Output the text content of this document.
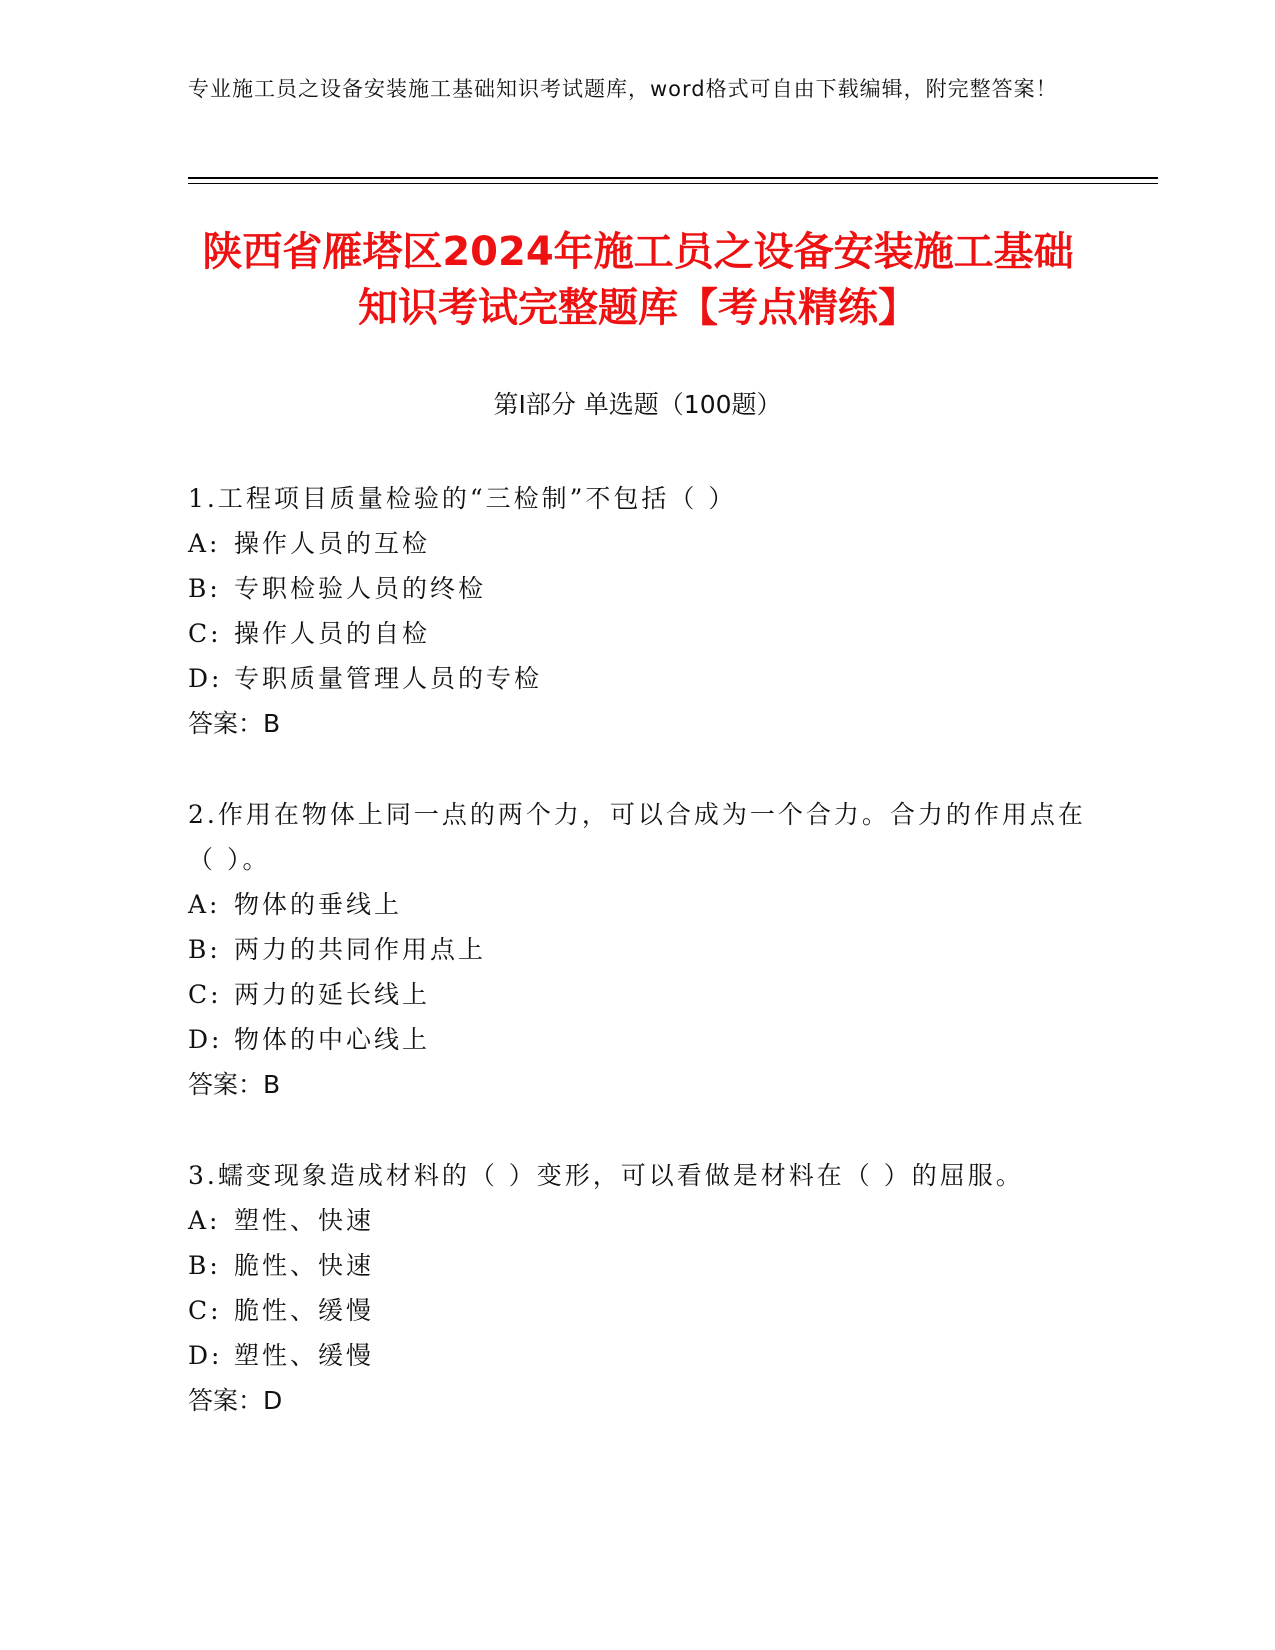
专业施工员之设备安装施工基础知识考试题库，word格式可自由下载编辑，附完整答案！
陕西省雁塔区2024年施工员之设备安装施工基础知识考试完整题库【考点精练】
第Ⅰ部分 单选题（100题）

1.工程项目质量检验的“三检制”不包括（ ）

A: 操作人员的互检

B: 专职检验人员的终检

C: 操作人员的自检

D: 专职质量管理人员的专检

答案：B

2.作用在物体上同一点的两个力，可以合成为一个合力。合力的作用点在（ ）。

A: 物体的垂线上

B: 两力的共同作用点上

C: 两力的延长线上

D: 物体的中心线上

答案：B

3.蠕变现象造成材料的（ ）变形，可以看做是材料在（ ）的屈服。

A: 塑性、快速

B: 脆性、快速

C: 脆性、缓慢

D: 塑性、缓慢

答案：D
